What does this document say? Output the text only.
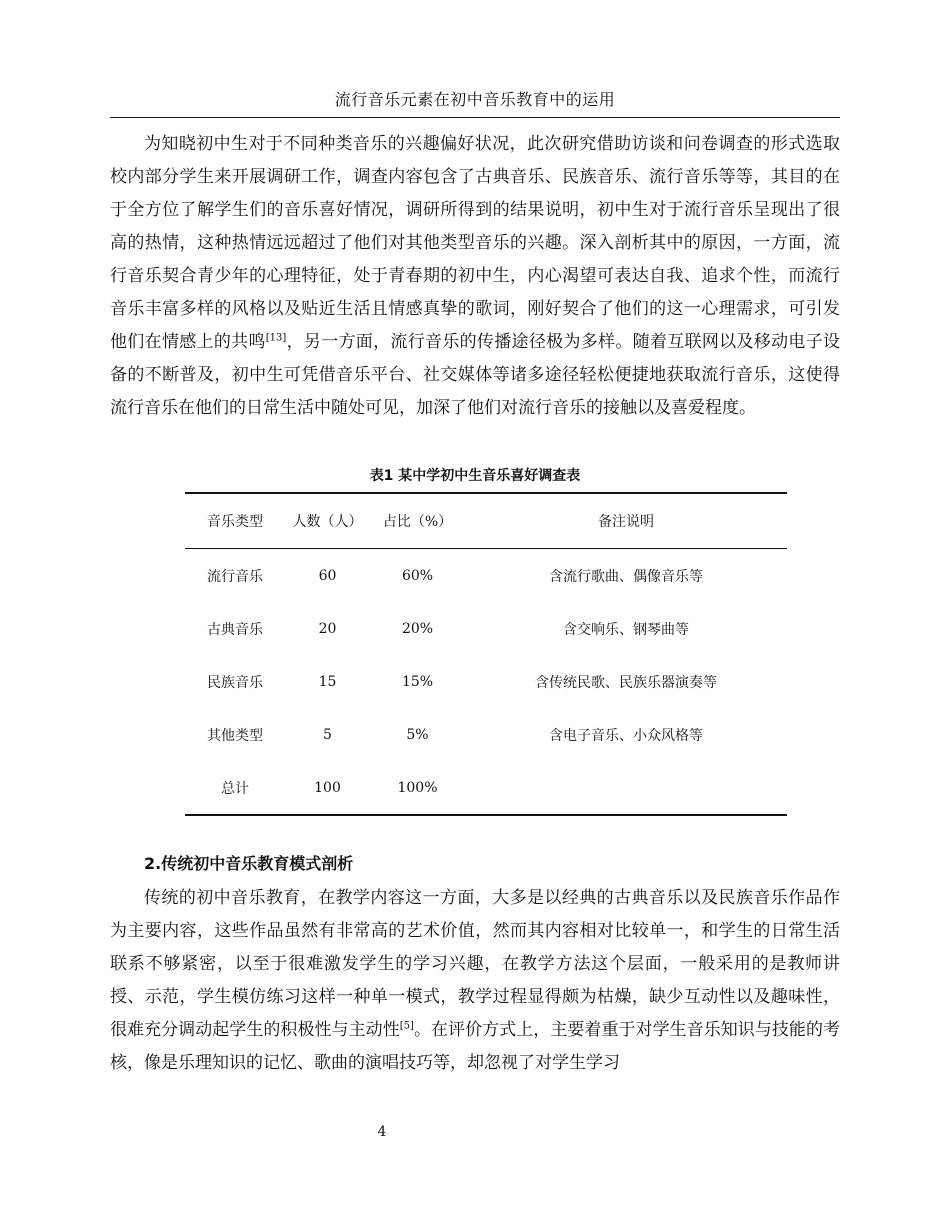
流行音乐元素在初中音乐教育中的运用

为知晓初中生对于不同种类音乐的兴趣偏好状况，此次研究借助访谈和问卷调查的形式选取校内部分学生来开展调研工作，调查内容包含了古典音乐、民族音乐、流行音乐等等，其目的在于全方位了解学生们的音乐喜好情况，调研所得到的结果说明，初中生对于流行音乐呈现出了很高的热情，这种热情远远超过了他们对其他类型音乐的兴趣。深入剖析其中的原因，一方面，流行音乐契合青少年的心理特征，处于青春期的初中生，内心渴望可表达自我、追求个性，而流行音乐丰富多样的风格以及贴近生活且情感真挚的歌词，刚好契合了他们的这一心理需求，可引发他们在情感上的共鸣[13]，另一方面，流行音乐的传播途径极为多样。随着互联网以及移动电子设备的不断普及，初中生可凭借音乐平台、社交媒体等诸多途径轻松便捷地获取流行音乐，这使得流行音乐在他们的日常生活中随处可见，加深了他们对流行音乐的接触以及喜爱程度。

表1 某中学初中生音乐喜好调查表
音乐类型	人数（人）	占比（%）	备注说明
流行音乐	60	60%	含流行歌曲、偶像音乐等
古典音乐	20	20%	含交响乐、钢琴曲等
民族音乐	15	15%	含传统民歌、民族乐器演奏等
其他类型	5	5%	含电子音乐、小众风格等
总计	100	100%	
2.传统初中音乐教育模式剖析

传统的初中音乐教育，在教学内容这一方面，大多是以经典的古典音乐以及民族音乐作品作为主要内容，这些作品虽然有非常高的艺术价值，然而其内容相对比较单一，和学生的日常生活联系不够紧密，以至于很难激发学生的学习兴趣，在教学方法这个层面，一般采用的是教师讲授、示范，学生模仿练习这样一种单一模式，教学过程显得颇为枯燥，缺少互动性以及趣味性，很难充分调动起学生的积极性与主动性[5]。在评价方式上，主要着重于对学生音乐知识与技能的考核，像是乐理知识的记忆、歌曲的演唱技巧等，却忽视了对学生学习

4
